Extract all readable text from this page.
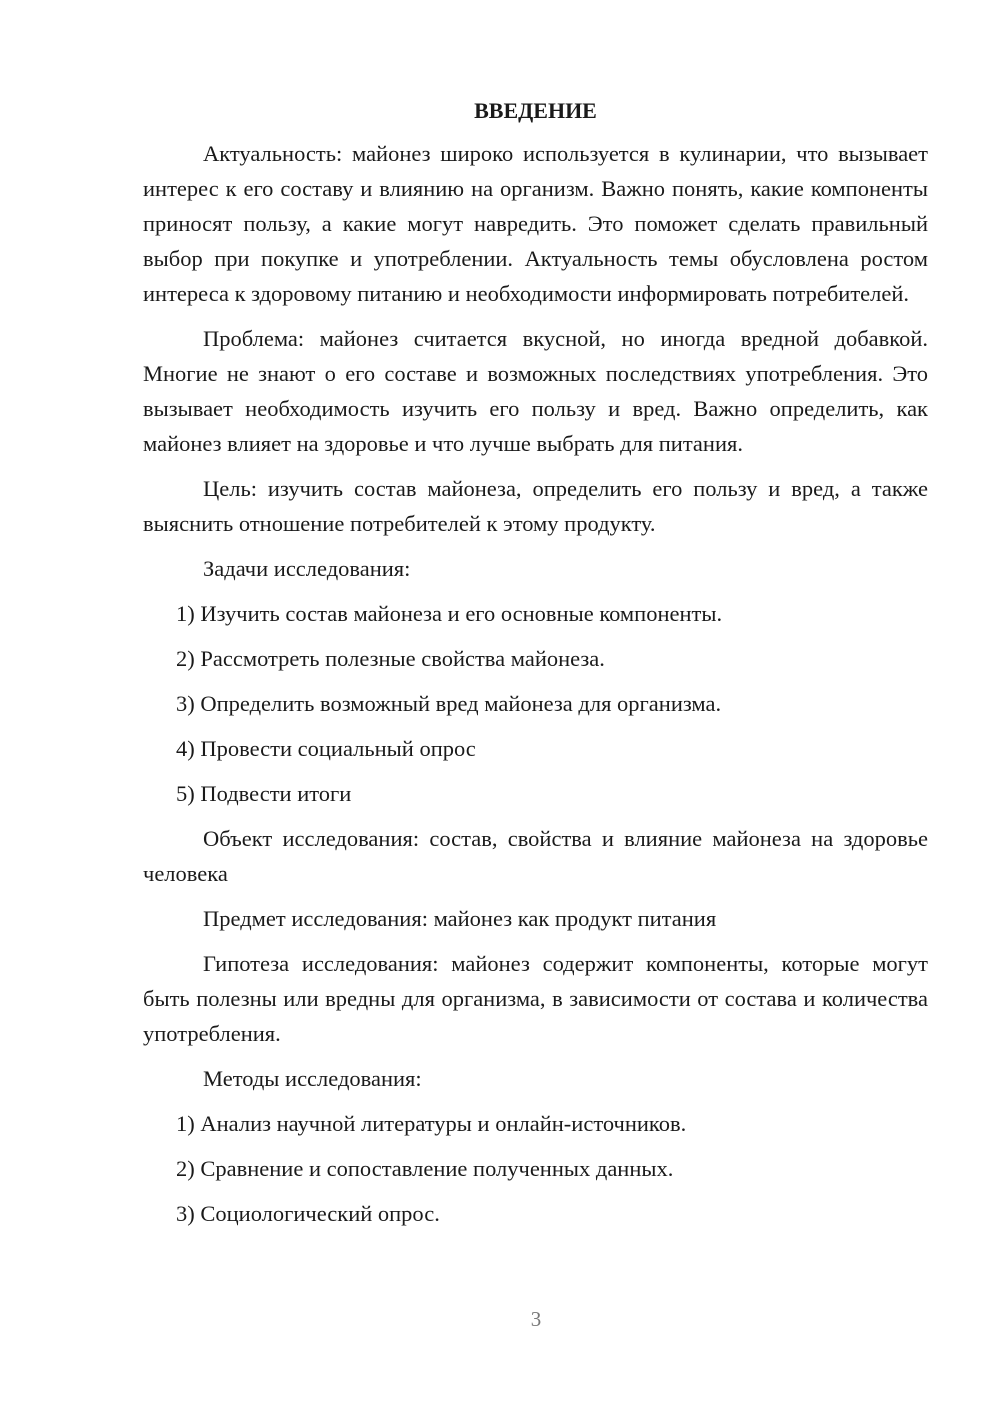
ВВЕДЕНИЕ

Актуальность: майонез широко используется в кулинарии, что вызывает интерес к его составу и влиянию на организм. Важно понять, какие компоненты приносят пользу, а какие могут навредить. Это поможет сделать правильный выбор при покупке и употреблении. Актуальность темы обусловлена ростом интереса к здоровому питанию и необходимости информировать потребителей.

Проблема: майонез считается вкусной, но иногда вредной добавкой. Многие не знают о его составе и возможных последствиях употребления. Это вызывает необходимость изучить его пользу и вред. Важно определить, как майонез влияет на здоровье и что лучше выбрать для питания.

Цель: изучить состав майонеза, определить его пользу и вред, а также выяснить отношение потребителей к этому продукту.

Задачи исследования:

1) Изучить состав майонеза и его основные компоненты.
2) Рассмотреть полезные свойства майонеза.
3) Определить возможный вред майонеза для организма.
4) Провести социальный опрос
5) Подвести итоги

Объект исследования: состав, свойства и влияние майонеза на здоровье человека

Предмет исследования: майонез как продукт питания

Гипотеза исследования: майонез содержит компоненты, которые могут быть полезны или вредны для организма, в зависимости от состава и количества употребления.

Методы исследования:

1) Анализ научной литературы и онлайн-источников.
2) Сравнение и сопоставление полученных данных.
3) Социологический опрос.
3
